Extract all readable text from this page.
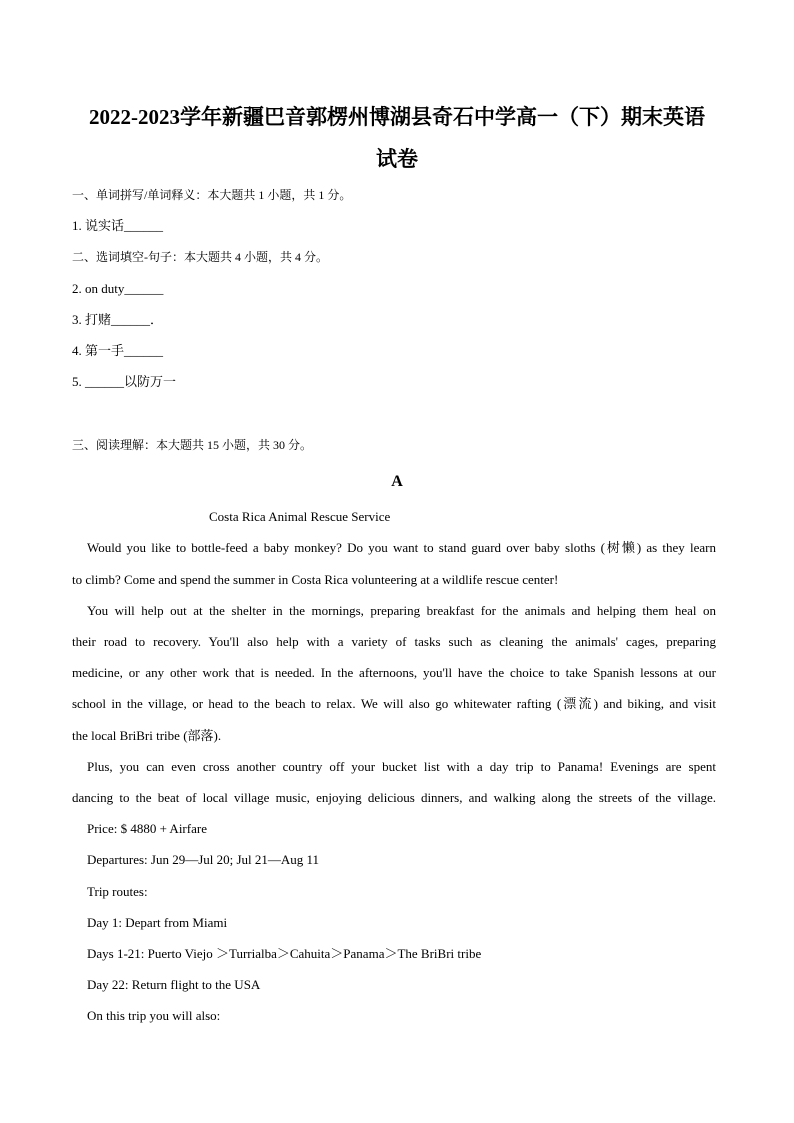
2022-2023学年新疆巴音郭楞州博湖县奇石中学高一（下）期末英语
试卷
一、单词拼写/单词释义：本大题共 1 小题，共 1 分。
1. 说实话______
二、选词填空-句子：本大题共 4 小题，共 4 分。
2. on duty______
3. 打赌______．
4. 第一手______
5. ______以防万一
三、阅读理解：本大题共 15 小题，共 30 分。
A
Costa Rica Animal Rescue Service
Would you like to bottle-feed a baby monkey? Do you want to stand guard over baby sloths (树懒) as they learn
to climb? Come and spend the summer in Costa Rica volunteering at a wildlife rescue center!
You will help out at the shelter in the mornings, preparing breakfast for the animals and helping them heal on
their road to recovery. You'll also help with a variety of tasks such as cleaning the animals' cages, preparing
medicine, or any other work that is needed. In the afternoons, you'll have the choice to take Spanish lessons at our
school in the village, or head to the beach to relax. We will also go whitewater rafting (漂流) and biking, and visit
the local BriBri tribe (部落).
Plus, you can even cross another country off your bucket list with a day trip to Panama! Evenings are spent
dancing to the beat of local village music, enjoying delicious dinners, and walking along the streets of the village.
Price: $ 4880 + Airfare
Departures: Jun 29—Jul 20; Jul 21—Aug 11
Trip routes:
Day 1: Depart from Miami
Days 1-21: Puerto Viejo ＞Turrialba＞Cahuita＞Panama＞The BriBri tribe
Day 22: Return flight to the USA
On this trip you will also:
